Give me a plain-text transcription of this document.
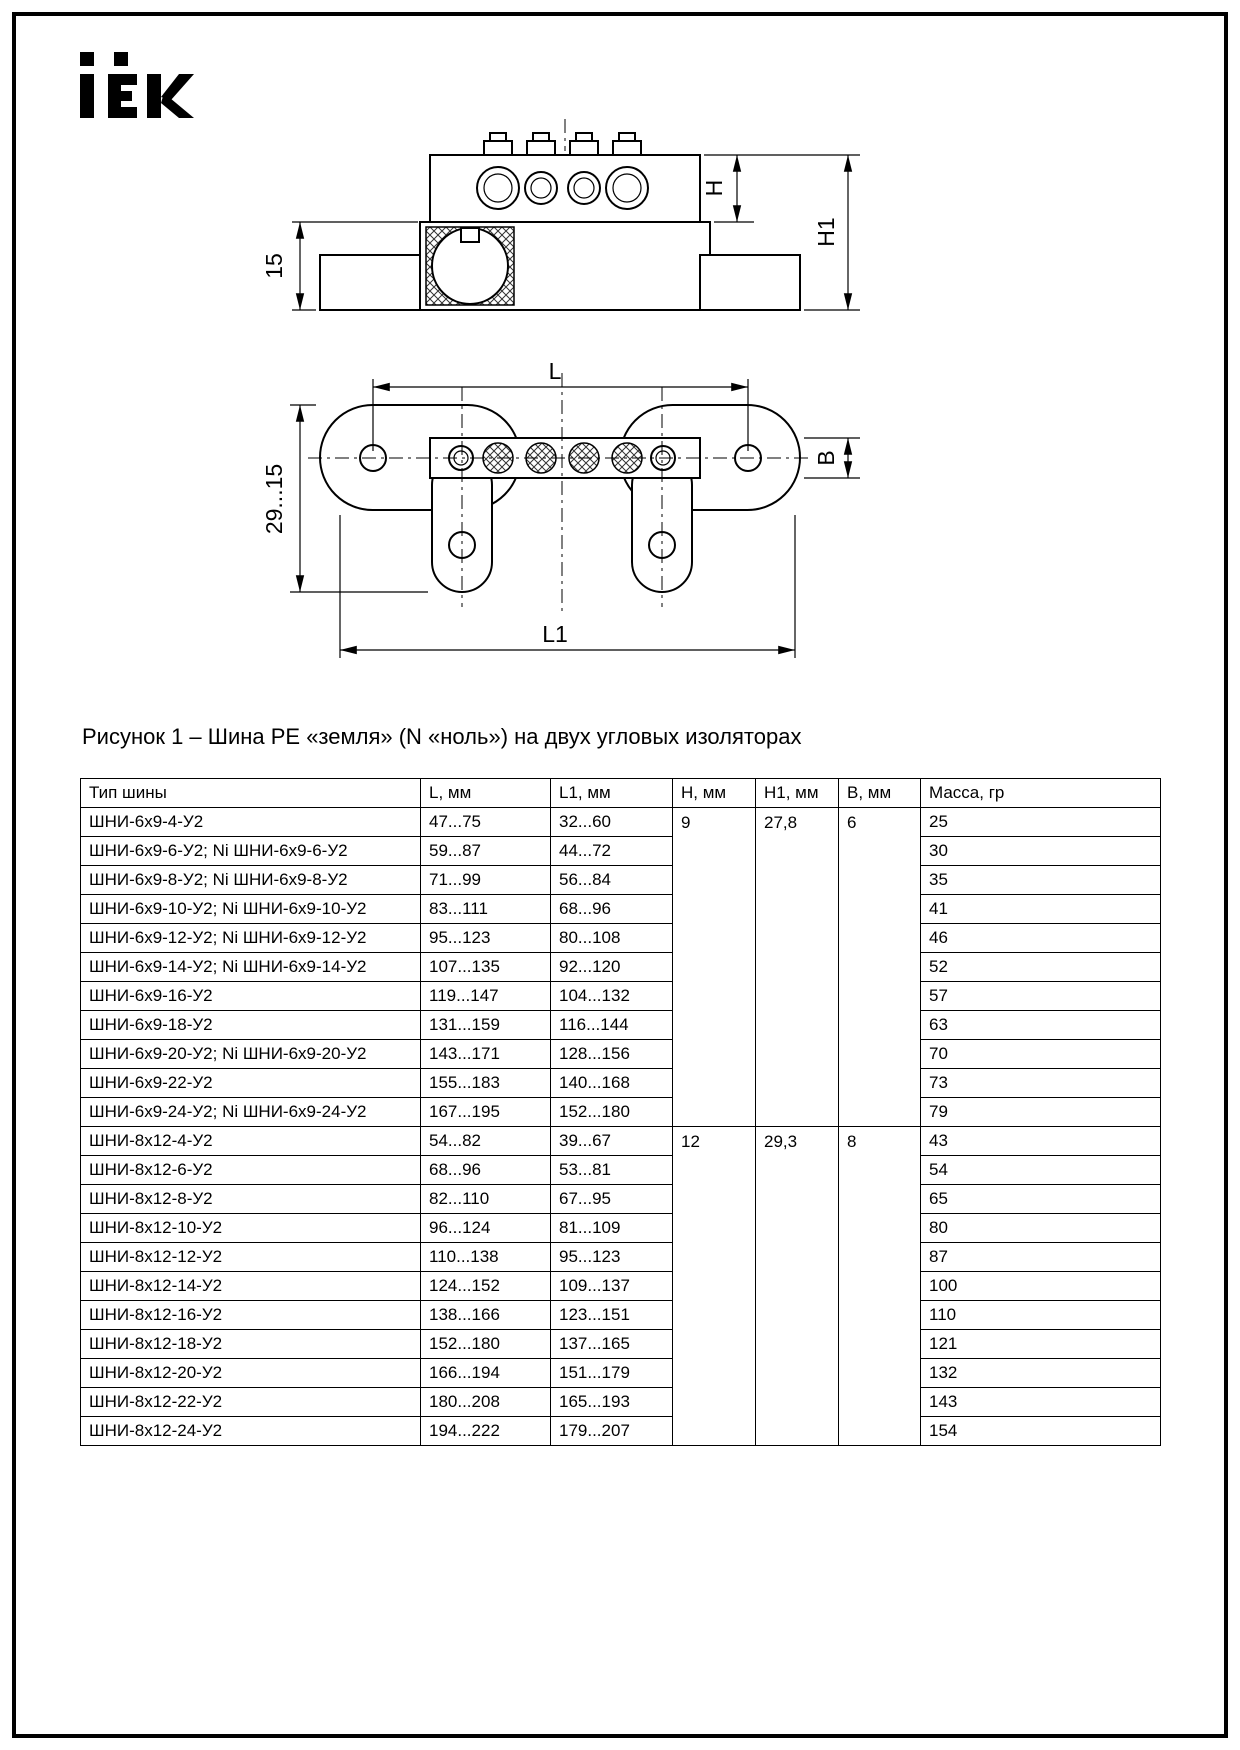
15
H
H1
L
29...15
B
L1
Рисунок 1 – Шина PE «земля» (N «ноль») на двух угловых изоляторах
Тип шины	L, мм	L1, мм	H, мм	H1, мм	B, мм	Масса, гр
ШНИ-6х9-4-У2	47...75	32...60	9	27,8	6	25
ШНИ-6х9-6-У2; Ni ШНИ-6х9-6-У2	59...87	44...72				30
ШНИ-6х9-8-У2; Ni ШНИ-6х9-8-У2	71...99	56...84				35
ШНИ-6х9-10-У2; Ni ШНИ-6х9-10-У2	83...111	68...96				41
ШНИ-6х9-12-У2; Ni ШНИ-6х9-12-У2	95...123	80...108				46
ШНИ-6х9-14-У2; Ni ШНИ-6х9-14-У2	107...135	92...120				52
ШНИ-6х9-16-У2	119...147	104...132				57
ШНИ-6х9-18-У2	131...159	116...144				63
ШНИ-6х9-20-У2; Ni ШНИ-6х9-20-У2	143...171	128...156				70
ШНИ-6х9-22-У2	155...183	140...168				73
ШНИ-6х9-24-У2; Ni ШНИ-6х9-24-У2	167...195	152...180				79
ШНИ-8х12-4-У2	54...82	39...67	12	29,3	8	43
ШНИ-8х12-6-У2	68...96	53...81				54
ШНИ-8х12-8-У2	82...110	67...95				65
ШНИ-8х12-10-У2	96...124	81...109				80
ШНИ-8х12-12-У2	110...138	95...123				87
ШНИ-8х12-14-У2	124...152	109...137				100
ШНИ-8х12-16-У2	138...166	123...151				110
ШНИ-8х12-18-У2	152...180	137...165				121
ШНИ-8х12-20-У2	166...194	151...179				132
ШНИ-8х12-22-У2	180...208	165...193				143
ШНИ-8х12-24-У2	194...222	179...207				154
